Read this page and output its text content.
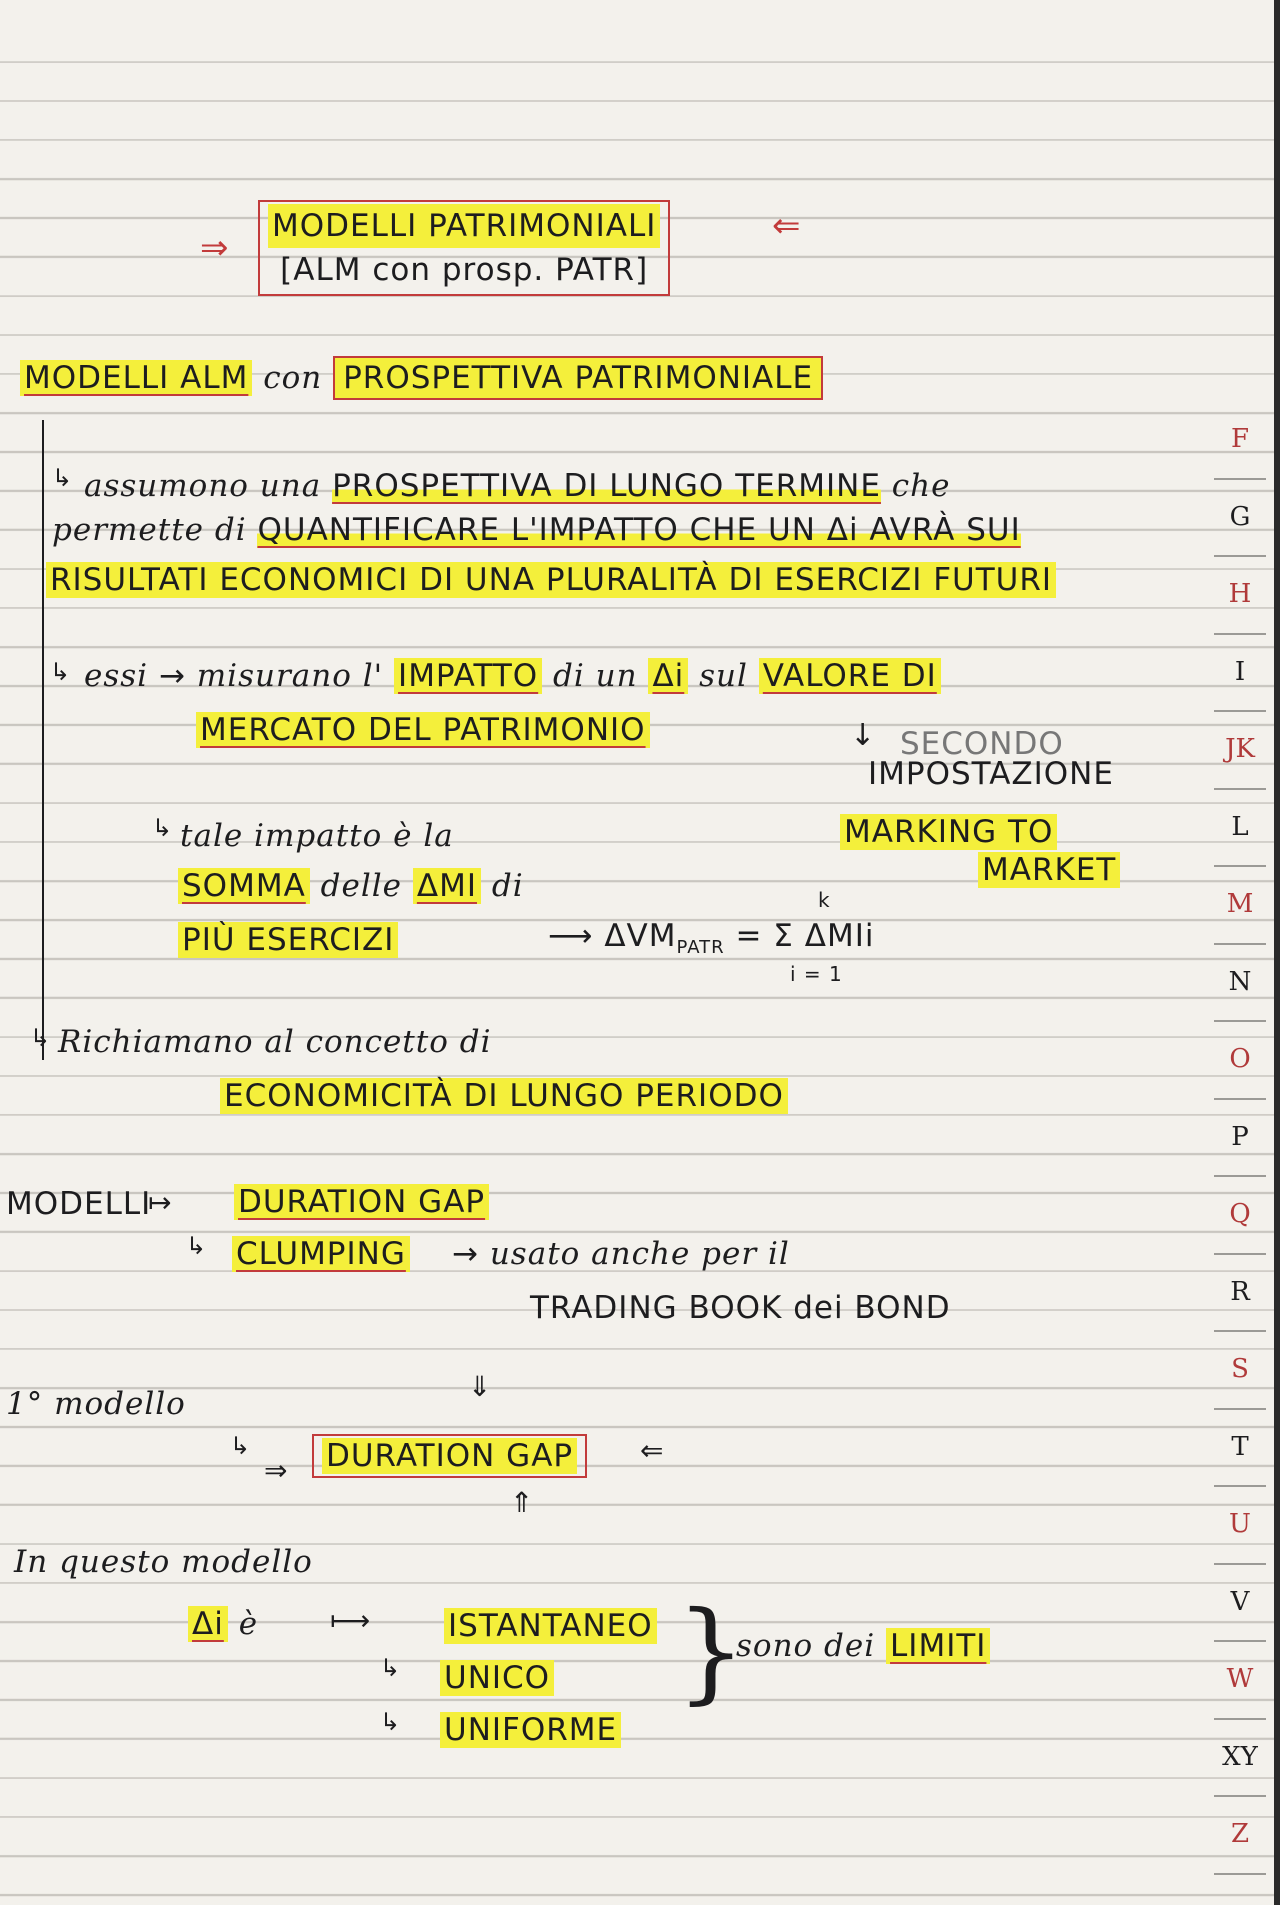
⇒
MODELLI PATRIMONIALI
[ALM con prosp. PATR]
⇐
MODELLI ALM con PROSPETTIVA PATRIMONIALE
↳ assumono una PROSPETTIVA DI LUNGO TERMINE che
permette di QUANTIFICARE L'IMPATTO CHE UN Δi AVRÀ SUI
RISULTATI ECONOMICI DI UNA PLURALITÀ DI ESERCIZI FUTURI
↳ essi → misurano l' IMPATTO di un Δi sul VALORE DI
MERCATO DEL PATRIMONIO	↓ SECONDO
IMPOSTAZIONE
MARKING TO
MARKET
↳ tale impatto è la
SOMMA delle ΔMI di
PIÙ ESERCIZI	⟶ $\Delta VM_{PATR} = \Sigma$ ΔMIi
k
i = 1
↳ Richiamano al concetto di
ECONOMICITÀ DI LUNGO PERIODO
MODELLI
↦
↳
DURATION GAP
CLUMPING → usato anche per il
TRADING BOOK dei BOND
⇓
1° modello
↳
⇒	DURATION GAP	⇐
⇑
In questo modello
Δi è	⟼
↳
↳
ISTANTANEO
UNICO
UNIFORME
}
sono dei LIMITI
F
G
H
I
JK
L
M
N
O
P
Q
R
S
T
U
V
W
XY
Z
